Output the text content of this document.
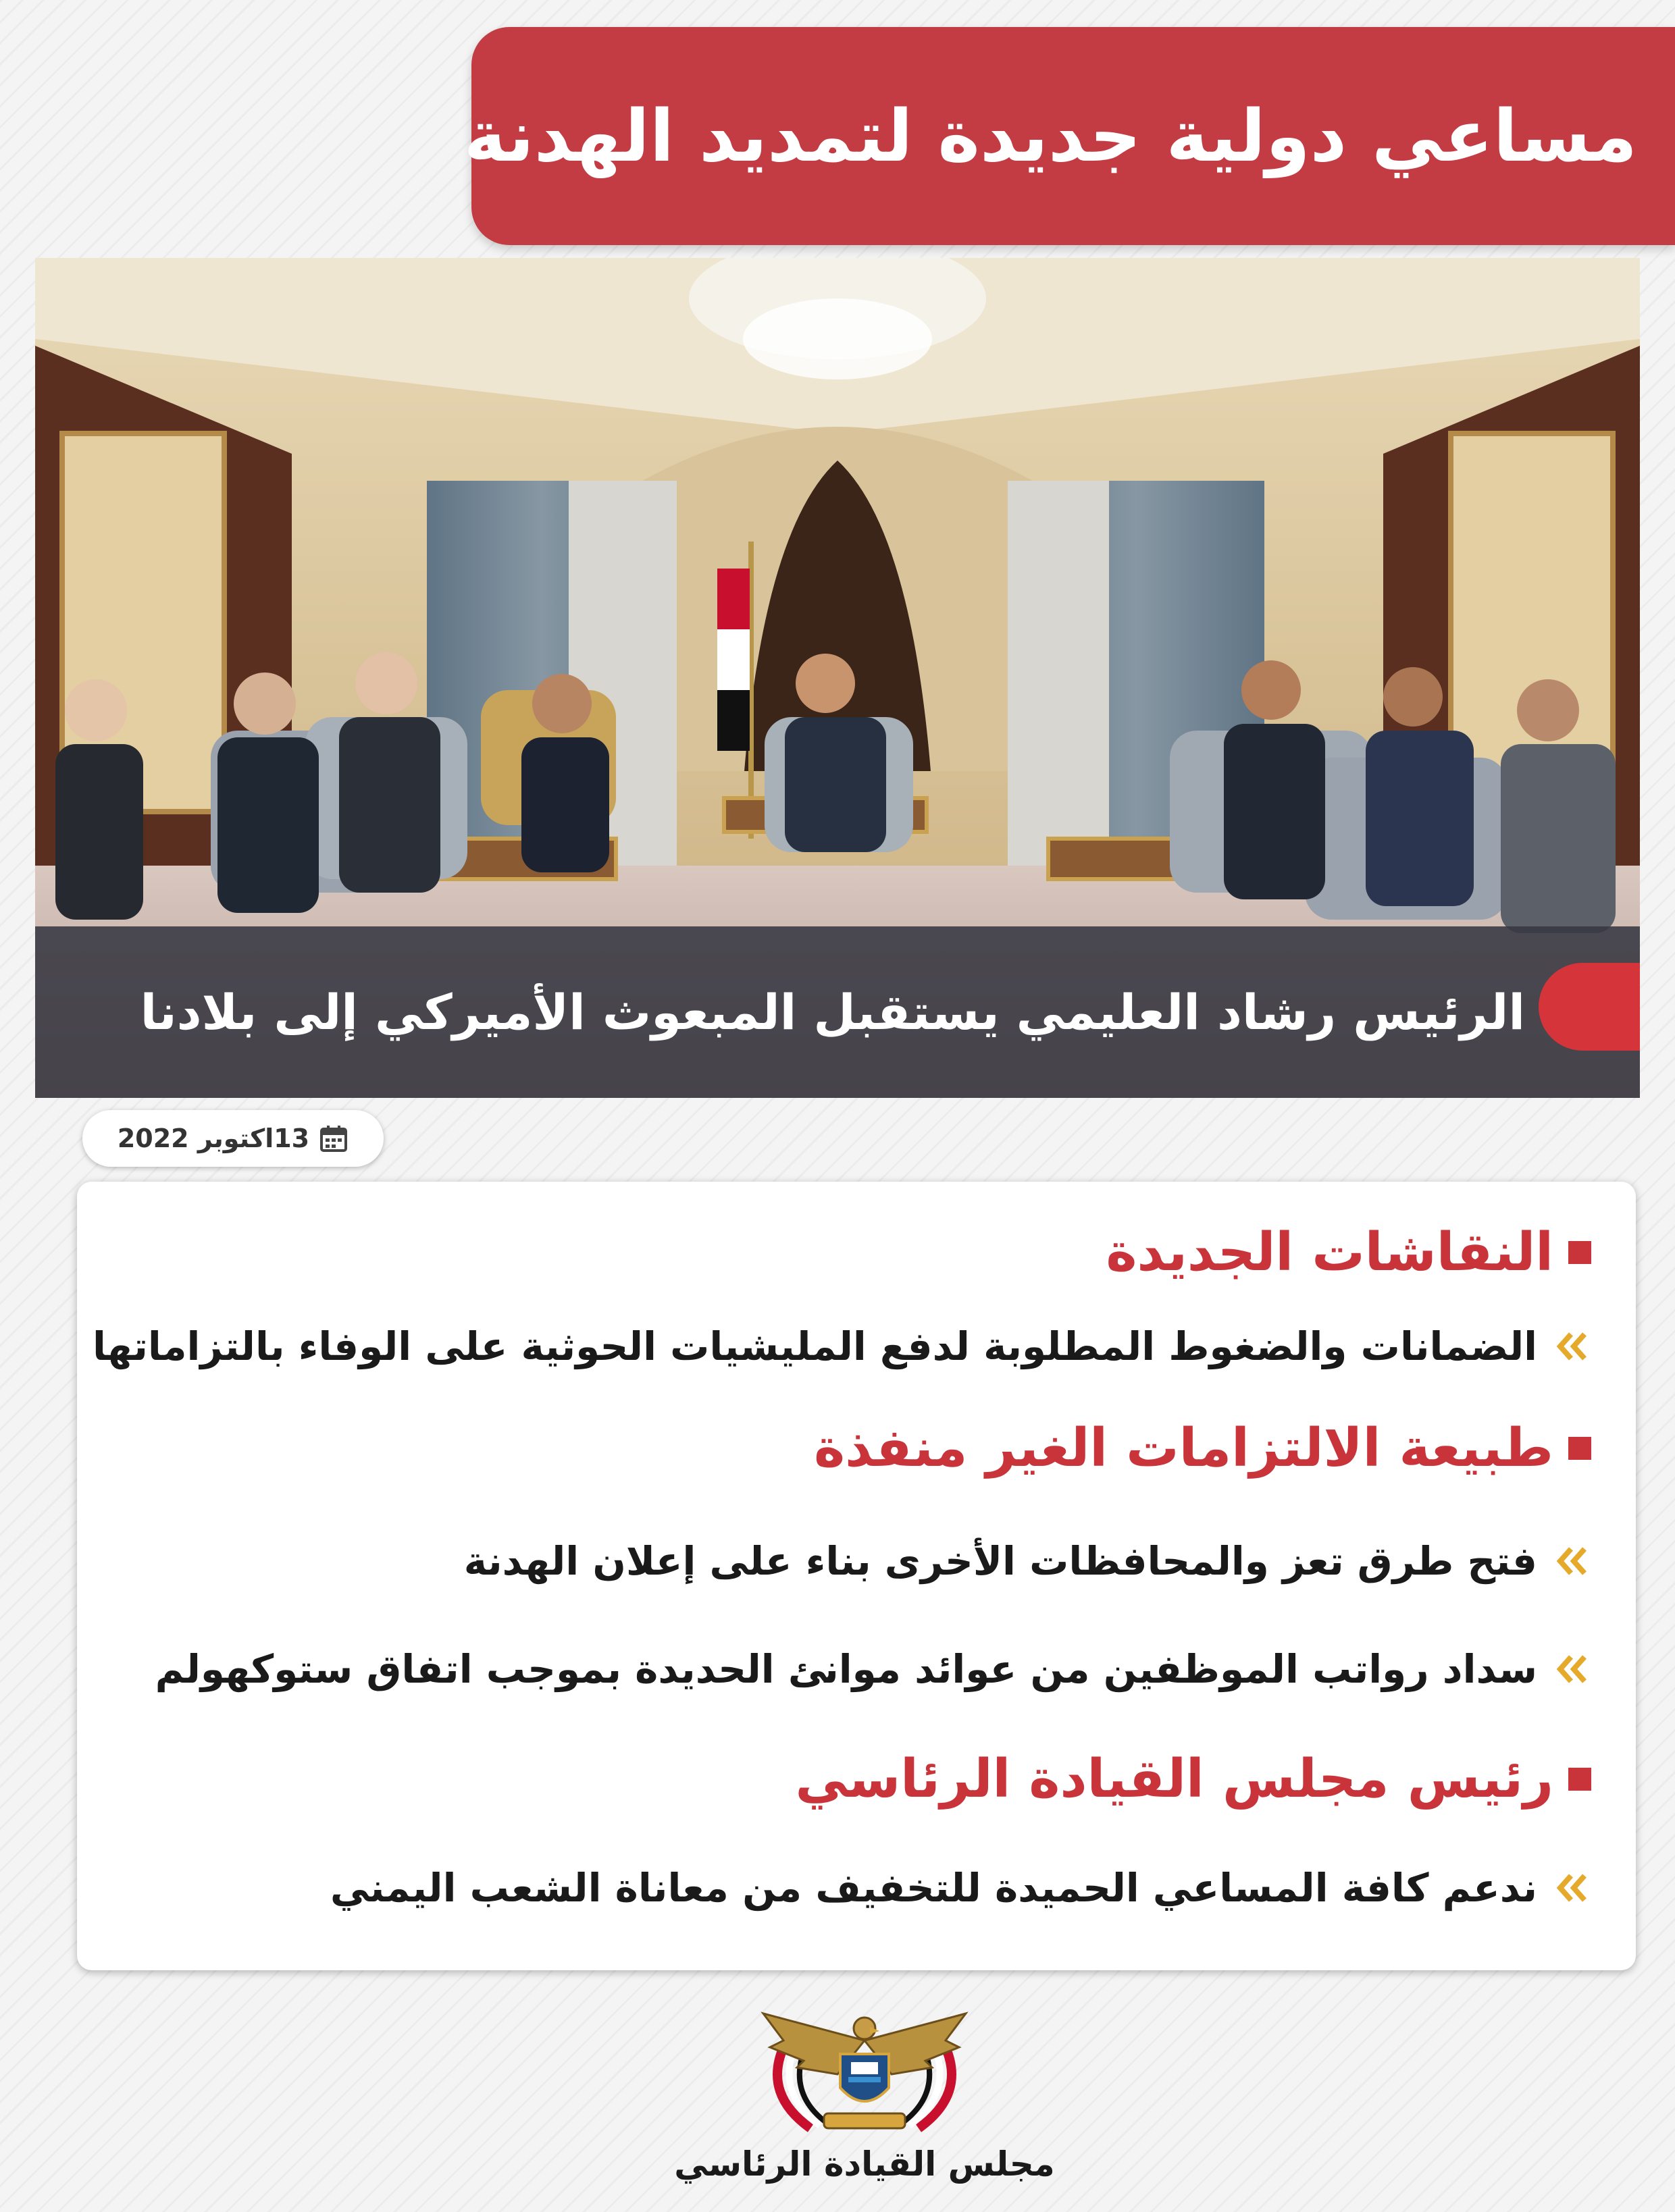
مساعي دولية جديدة لتمديد الهدنة
الرئيس رشاد العليمي يستقبل المبعوث الأميركي إلى بلادنا
13اكتوبر 2022
النقاشات الجديدة
الضمانات والضغوط المطلوبة لدفع المليشيات الحوثية على الوفاء بالتزاماتها
طبيعة الالتزامات الغير منفذة
فتح طرق تعز والمحافظات الأخرى بناء على إعلان الهدنة
سداد رواتب الموظفين من عوائد موانئ الحديدة بموجب اتفاق ستوكهولم
رئيس مجلس القيادة الرئاسي
ندعم كافة المساعي الحميدة للتخفيف من معاناة الشعب اليمني
مجلس القيادة الرئاسي
